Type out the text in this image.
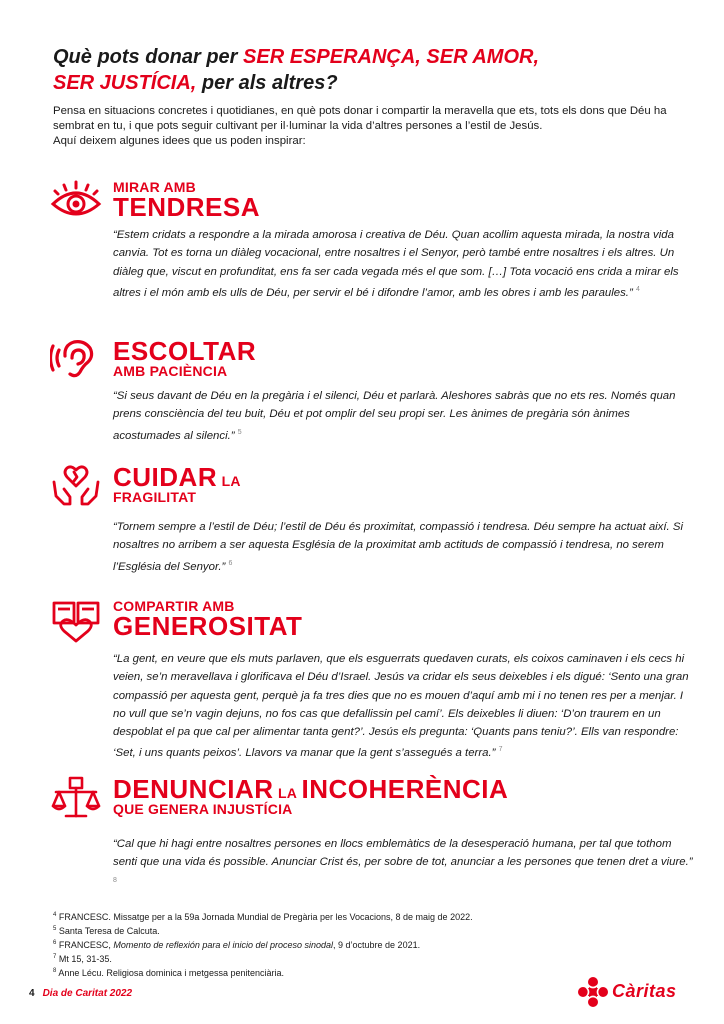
Què pots donar per SER ESPERANÇA, SER AMOR,
SER JUSTÍCIA, per als altres?

Pensa en situacions concretes i quotidianes, en què pots donar i compartir la meravella que ets, tots els dons que Déu ha sembrat en tu, i que pots seguir cultivant per il·luminar la vida d’altres persones a l’estil de Jesús.
Aquí deixem algunes idees que us poden inspirar:

MIRAR AMB
TENDRESA

“Estem cridats a respondre a la mirada amorosa i creativa de Déu. Quan acollim aquesta mirada, la nostra vida canvia. Tot es torna un diàleg vocacional, entre nosaltres i el Senyor, però també entre nosaltres i els altres. Un diàleg que, viscut en profunditat, ens fa ser cada vegada més el que som. […] Tota vocació ens crida a mirar els altres i el món amb els ulls de Déu, per servir el bé i difondre l’amor, amb les obres i amb les paraules.” $^4$

ESCOLTAR
AMB PACIÈNCIA

“Si seus davant de Déu en la pregària i el silenci, Déu et parlarà. Aleshores sabràs que no ets res. Només quan prens consciència del teu buit, Déu et pot omplir del seu propi ser. Les ànimes de pregària són ànimes acostumades al silenci.” $^5$

CUIDAR LA
FRAGILITAT

“Tornem sempre a l’estil de Déu; l’estil de Déu és proximitat, compassió i tendresa. Déu sempre ha actuat així. Si nosaltres no arribem a ser aquesta Església de la proximitat amb actituds de compassió i tendresa, no serem l’Església del Senyor.” $^6$

COMPARTIR AMB
GENEROSITAT

“La gent, en veure que els muts parlaven, que els esguerrats quedaven curats, els coixos caminaven i els cecs hi veien, se’n meravellava i glorificava el Déu d’Israel. Jesús va cridar els seus deixebles i els digué: ‘Sento una gran compassió per aquesta gent, perquè ja fa tres dies que no es mouen d’aquí amb mi i no tenen res per a menjar. I no vull que se’n vagin dejuns, no fos cas que defallissin pel camí’. Els deixebles li diuen: ‘D’on traurem en un despoblat el pa que cal per alimentar tanta gent?’. Jesús els pregunta: ‘Quants pans teniu?’. Ells van respondre: ‘Set, i uns quants peixos’. Llavors va manar que la gent s’assegués a terra.” $^7$

DENUNCIAR LA INCOHERÈNCIA
QUE GENERA INJUSTÍCIA

“Cal que hi hagi entre nosaltres persones en llocs emblemàtics de la desesperació humana, per tal que tothom senti que una vida és possible. Anunciar Crist és, per sobre de tot, anunciar a les persones que tenen dret a viure.” $^8$

$^4$ FRANCESC. Missatge per a la 59a Jornada Mundial de Pregària per les Vocacions, 8 de maig de 2022.
$^5$ Santa Teresa de Calcuta.
$^6$ FRANCESC, Momento de reflexión para el inicio del proceso sinodal, 9 d’octubre de 2021.
$^7$ Mt 15, 31-35.
$^8$ Anne Lécu. Religiosa dominica i metgessa penitenciària.
4 Dia de Caritat 2022	Càritas
